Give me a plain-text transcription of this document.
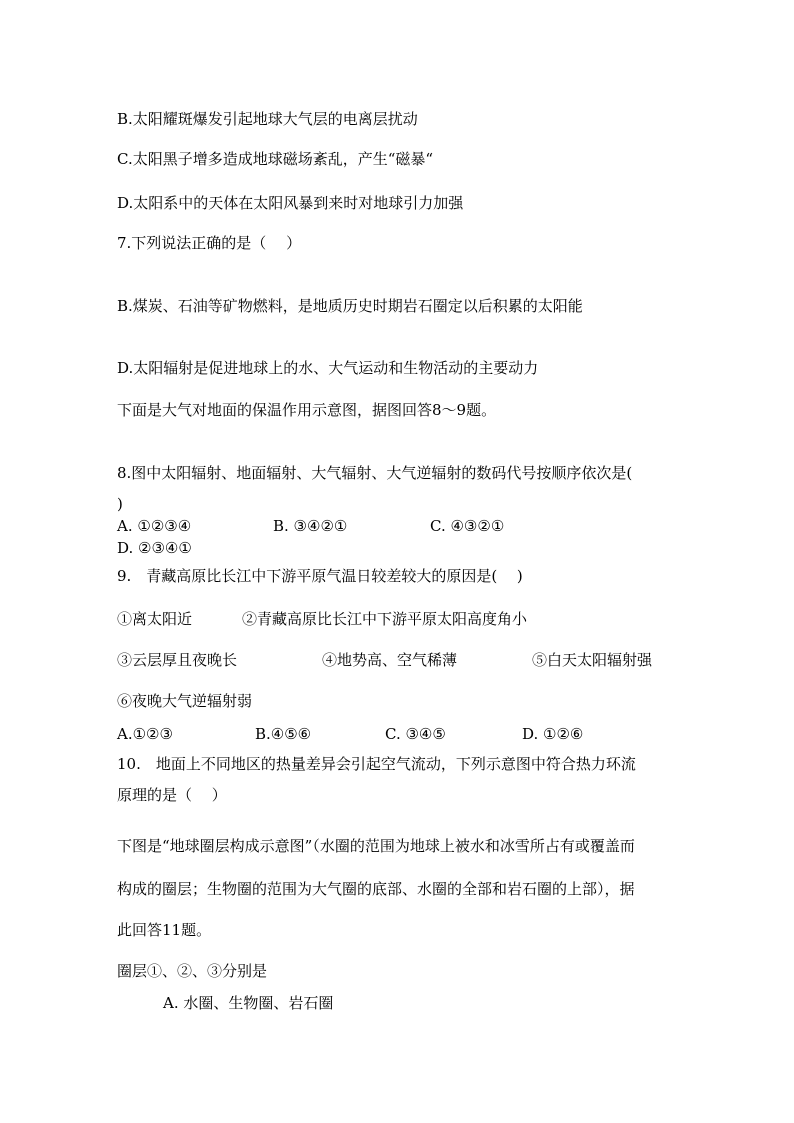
B.太阳耀斑爆发引起地球大气层的电离层扰动
C.太阳黑子增多造成地球磁场紊乱，产生“磁暴“
D.太阳系中的天体在太阳风暴到来时对地球引力加强
7.下列说法正确的是（　 ）
B.煤炭、石油等矿物燃料，是地质历史时期岩石圈定以后积累的太阳能
D.太阳辐射是促进地球上的水、大气运动和生物活动的主要动力
下面是大气对地面的保温作用示意图，据图回答8～9题。
8.图中太阳辐射、地面辐射、大气辐射、大气逆辐射的数码代号按顺序依次是(
)
A. ①②③④	B. ③④②①	C. ④③②①
D. ②③④①
9.　青藏高原比长江中下游平原气温日较差较大的原因是(　 )
①离太阳近	②青藏高原比长江中下游平原太阳高度角小
③云层厚且夜晚长	④地势高、空气稀薄	⑤白天太阳辐射强
⑥夜晚大气逆辐射弱
A.①②③	B.④⑤⑥	C. ③④⑤	D. ①②⑥
10.　地面上不同地区的热量差异会引起空气流动，下列示意图中符合热力环流
原理的是（　 ）
下图是“地球圈层构成示意图”（水圈的范围为地球上被水和冰雪所占有或覆盖而
构成的圈层；生物圈的范围为大气圈的底部、水圈的全部和岩石圈的上部），据
此回答11题。
圈层①、②、③分别是
A. 水圈、生物圈、岩石圈
